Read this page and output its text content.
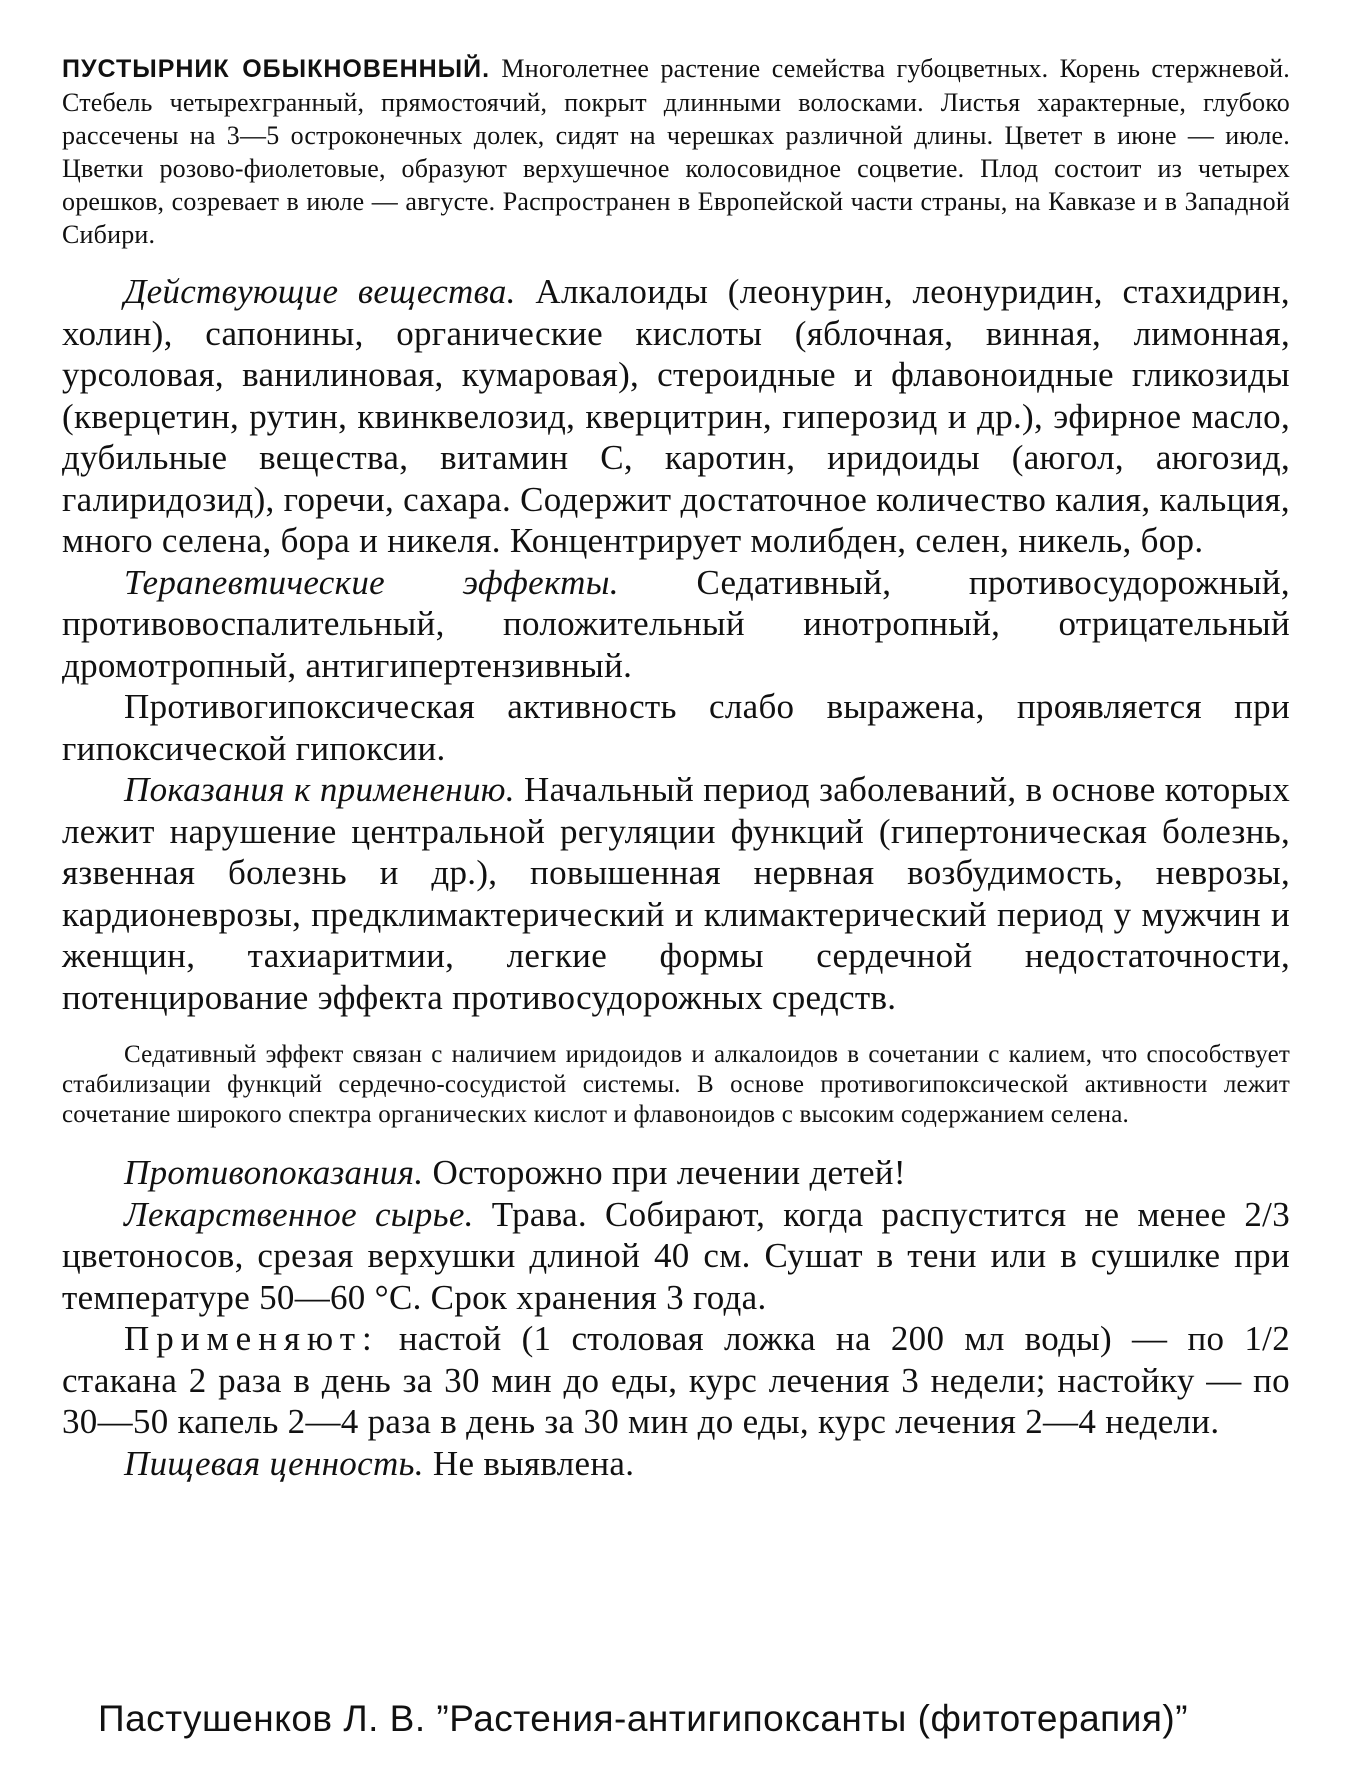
ПУСТЫРНИК ОБЫКНОВЕННЫЙ. Многолетнее растение семейства губоцветных. Корень стержневой. Стебель четырехгранный, прямостоячий, покрыт длинными волосками. Листья характерные, глубоко рассечены на 3—5 остроконечных долек, сидят на черешках различной длины. Цветет в июне — июле. Цветки розово-фиолетовые, образуют верхушечное колосовидное соцветие. Плод состоит из четырех орешков, созревает в июле — августе. Распространен в Европейской части страны, на Кавказе и в Западной Сибири.

Действующие вещества. Алкалоиды (леонурин, леонуридин, стахидрин, холин), сапонины, органические кислоты (яблочная, винная, лимонная, урсоловая, ванилиновая, кумаровая), стероидные и флавоноидные гликозиды (кверцетин, рутин, квинквелозид, кверцитрин, гиперозид и др.), эфирное масло, дубильные вещества, витамин С, каротин, иридоиды (аюгол, аюгозид, галиридозид), горечи, сахара. Содержит достаточное количество калия, кальция, много селена, бора и никеля. Концентрирует молибден, селен, никель, бор.

Терапевтические эффекты. Седативный, противосудорожный, противовоспалительный, положительный инотропный, отрицательный дромотропный, антигипертензивный.

Противогипоксическая активность слабо выражена, проявляется при гипоксической гипоксии.

Показания к применению. Начальный период заболеваний, в основе которых лежит нарушение центральной регуляции функций (гипертоническая болезнь, язвенная болезнь и др.), повышенная нервная возбудимость, неврозы, кардионеврозы, предклимактерический и климактерический период у мужчин и женщин, тахиаритмии, легкие формы сердечной недостаточности, потенцирование эффекта противосудорожных средств.

Седативный эффект связан с наличием иридоидов и алкалоидов в сочетании с калием, что способствует стабилизации функций сердечно-сосудистой системы. В основе противогипоксической активности лежит сочетание широкого спектра органических кислот и флавоноидов с высоким содержанием селена.

Противопоказания. Осторожно при лечении детей!

Лекарственное сырье. Трава. Собирают, когда распустится не менее 2/3 цветоносов, срезая верхушки длиной 40 см. Сушат в тени или в сушилке при температуре 50—60 °C. Срок хранения 3 года.

Применяют: настой (1 столовая ложка на 200 мл воды) — по 1/2 стакана 2 раза в день за 30 мин до еды, курс лечения 3 недели; настойку — по 30—50 капель 2—4 раза в день за 30 мин до еды, курс лечения 2—4 недели.

Пищевая ценность. Не выявлена.

Пастушенков Л. В. ”Растения-антигипоксанты (фитотерапия)”
